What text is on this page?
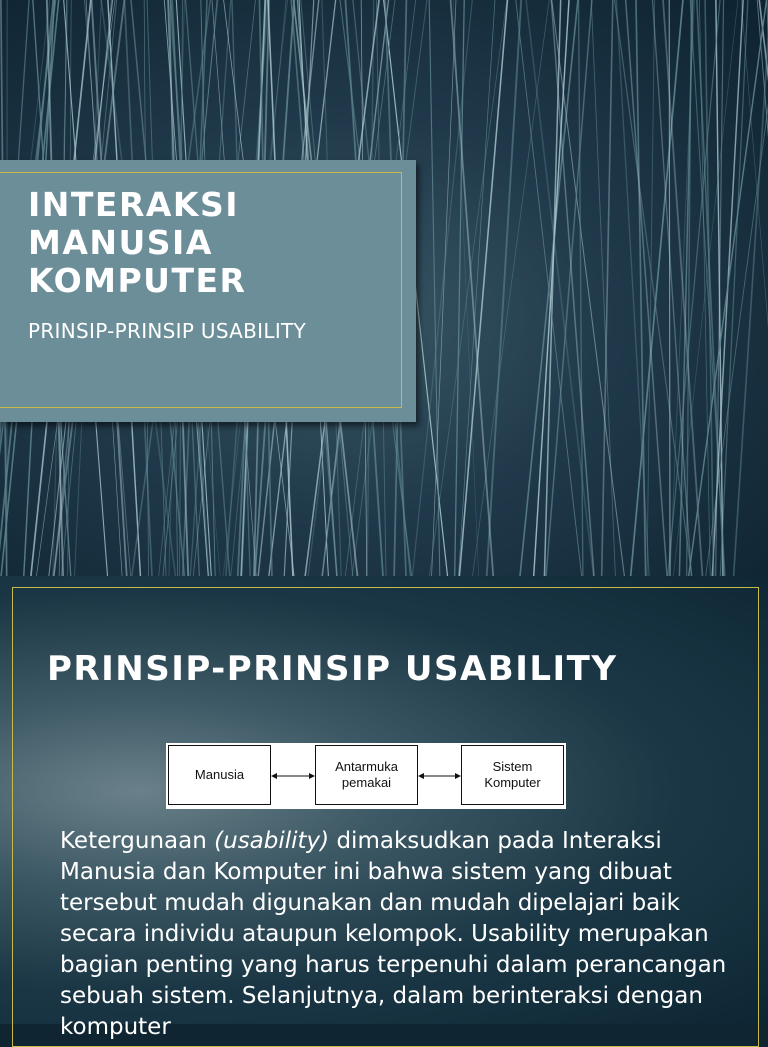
INTERAKSI
MANUSIA
KOMPUTER
PRINSIP-PRINSIP USABILITY
PRINSIP-PRINSIP USABILITY
Manusia
Antarmuka
pemakai
Sistem
Komputer
Ketergunaan (usability) dimaksudkan pada Interaksi Manusia dan Komputer ini bahwa sistem yang dibuat tersebut mudah digunakan dan mudah dipelajari baik secara individu ataupun kelompok. Usability merupakan bagian penting yang harus terpenuhi dalam perancangan sebuah sistem. Selanjutnya, dalam berinteraksi dengan komputer
